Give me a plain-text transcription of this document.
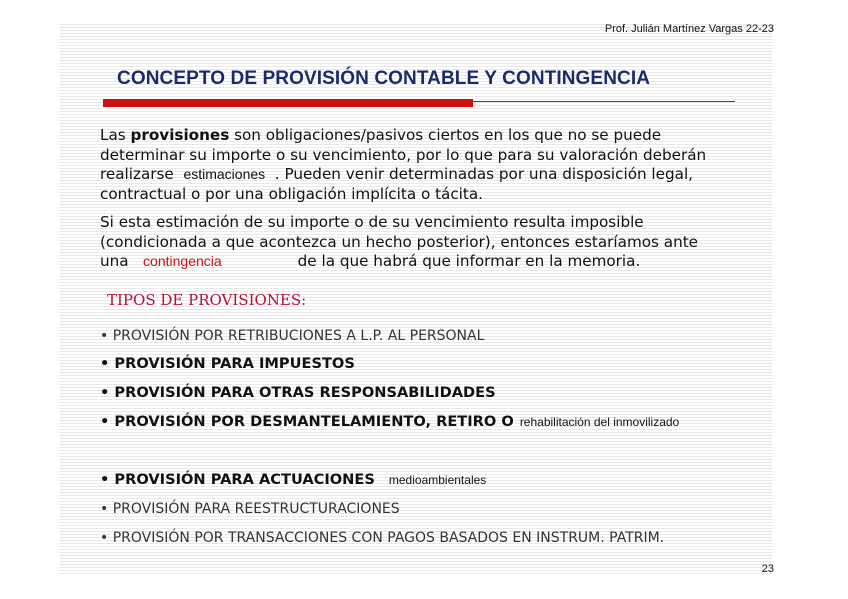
Prof. Julián Martínez Vargas 22-23
CONCEPTO DE PROVISIÓN CONTABLE Y CONTINGENCIA
Las provisiones son obligaciones/pasivos ciertos en los que no se puede
determinar su importe o su vencimiento, por lo que para su valoración deberán
realizarse  estimaciones  . Pueden venir determinadas por una disposición legal,
contractual o por una obligación implícita o tácita.
Si esta estimación de su importe o de su vencimiento resulta imposible
(condicionada a que acontezca un hecho posterior), entonces estaríamos ante
una   contingencia	de la que habrá que informar en la memoria.
TIPOS DE PROVISIONES:
• PROVISIÓN POR RETRIBUCIONES A L.P. AL PERSONAL
• PROVISIÓN PARA IMPUESTOS
• PROVISIÓN PARA OTRAS RESPONSABILIDADES
• PROVISIÓN POR DESMANTELAMIENTO, RETIRO O rehabilitación del inmovilizado
• PROVISIÓN PARA ACTUACIONES medioambientales
• PROVISIÓN PARA REESTRUCTURACIONES
• PROVISIÓN POR TRANSACCIONES CON PAGOS BASADOS EN INSTRUM. PATRIM.
23
